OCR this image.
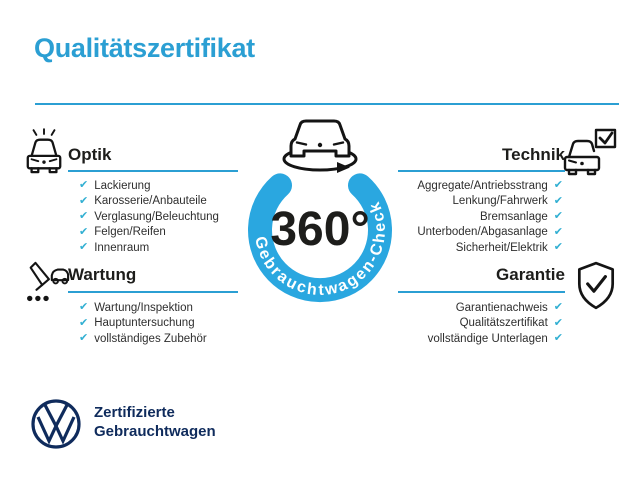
Qualitätszertifikat
Optik
✔ Lackierung
✔ Karosserie/Anbauteile
✔ Verglasung/Beleuchtung
✔ Felgen/Reifen
✔ Innenraum
Technik
Aggregate/Antriebsstrang ✔
Lenkung/Fahrwerk ✔
Bremsanlage ✔
Unterboden/Abgasanlage ✔
Sicherheit/Elektrik ✔
Wartung
✔ Wartung/Inspektion
✔ Hauptuntersuchung
✔ vollständiges Zubehör
Garantie
Garantienachweis ✔
Qualitätszertifikat ✔
vollständige Unterlagen ✔
360°
Gebrauchtwagen-Check
Zertifizierte
Gebrauchtwagen
